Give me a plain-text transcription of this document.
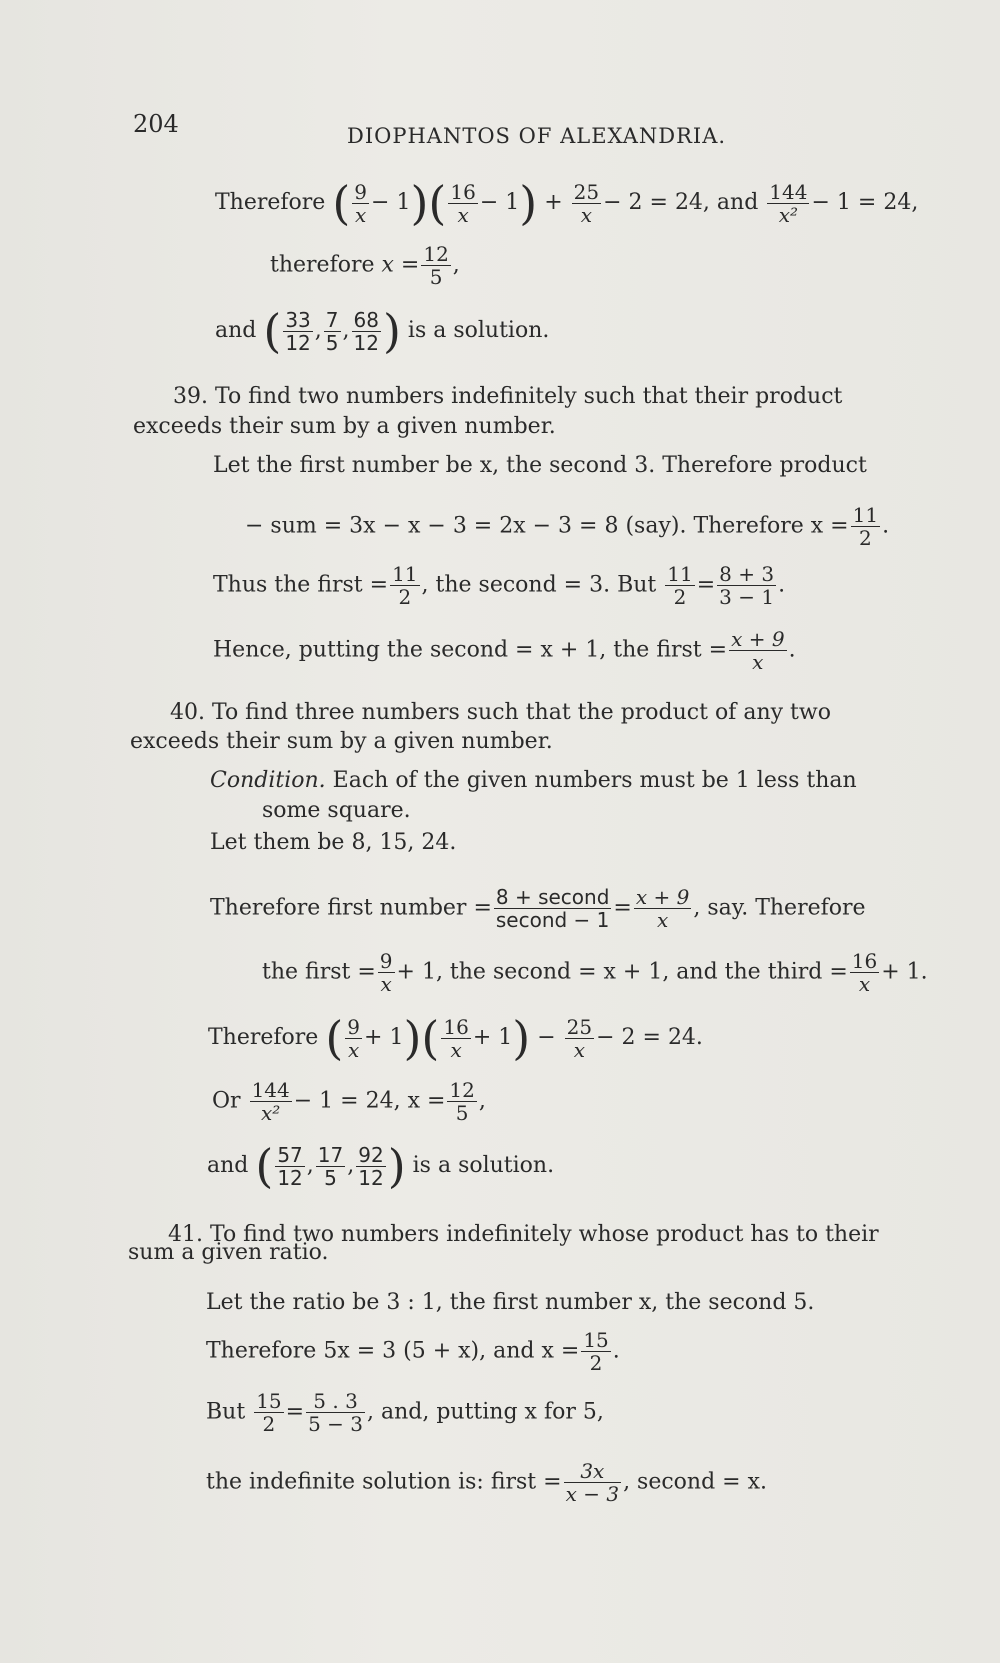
204	DIOPHANTOS OF ALEXANDRIA.
Therefore ( $\frac{9}{x} - 1)( \frac{16}{x} - 1) + \frac{25}{x} - 2 = 24$, and $\frac{144}{\text{x²}} - 1 = 24$,
therefore $x = \frac{12}{5}$ ,
and ( $\frac{33}{12}$ , $\frac{7}{5}$ , $\frac{68}{12}$ ) is a solution.
39. To find two numbers indefinitely such that their product
exceeds their sum by a given number.
Let the first number be x, the second 3. Therefore product
− sum = 3x − x − 3 = 2x − 3 = 8 (say). Therefore $x = \frac{11}{2}$ .
Thus the first = $\frac{11}{2}$ , the second = 3. But $\frac{11}{2} = \frac{8 + 3}{3 - 1}$ .
Hence, putting the second = x + 1, the first = $\frac{x + 9}{x}$ .
40. To find three numbers such that the product of any two
exceeds their sum by a given number.
Condition. Each of the given numbers must be 1 less than
some square.
Let them be 8, 15, 24.
Therefore first number = $\frac{\text{8 + second}}{\text{second − 1}} = \frac{x + 9}{x}$ , say. Therefore
the first = $\frac{9}{x} + 1$, the second = x + 1, and the third = $\frac{16}{x} + 1$.
Therefore ( $\frac{9}{x} + 1)( \frac{16}{x} + 1) - \frac{25}{x} - 2 = 24$.
Or $\frac{144}{\text{x²}} - 1 = 24$, $x = \frac{12}{5}$ ,
and ( $\frac{57}{12}$ , $\frac{17}{5}$ , $\frac{92}{12}$ ) is a solution.
41. To find two numbers indefinitely whose product has to their
sum a given ratio.
Let the ratio be 3 : 1, the first number x, the second 5.
Therefore 5x = 3 (5 + x), and $x = \frac{15}{2}$ .
But $\frac{15}{2} = \frac{5 . 3}{5 - 3}$ , and, putting x for 5,
the indefinite solution is: first = $\frac{3x}{x - 3}$ , second = x.
